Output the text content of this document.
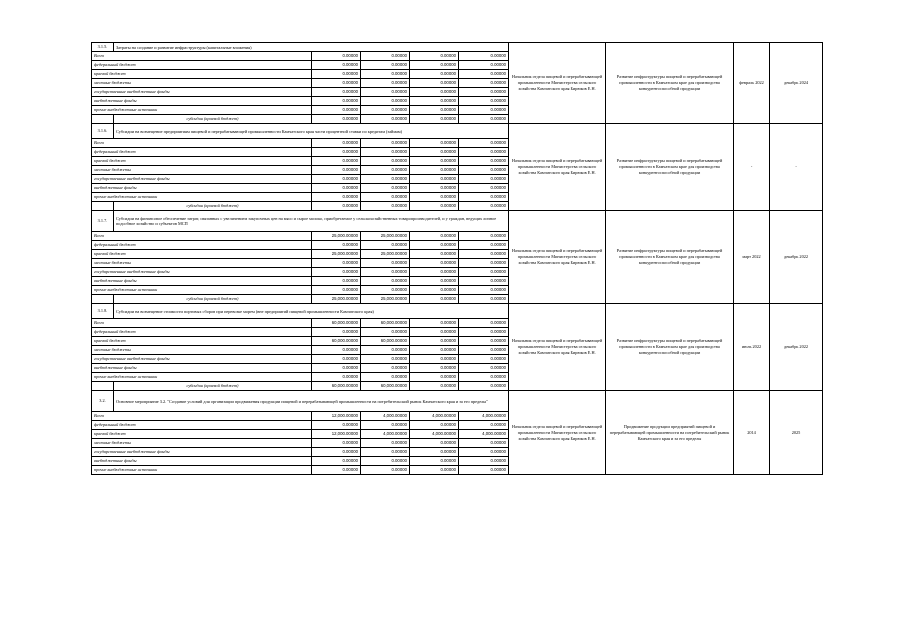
3.1.5.	Затраты на создание и развитие инфраструктуры (капитальные вложения)					Начальник отдела пищевой и перерабатывающей промышленности Министерства сельского хозяйства Камчатского края Бирюков Е.Н.	Развитие инфраструктуры пищевой и перерабатывающей промышленности в Камчатском крае для производства конкурентоспособной продукции	февраль 2022	декабрь 2024
Всего		0.00000	0.00000	0.00000	0.00000				
федеральный бюджет		0.00000	0.00000	0.00000	0.00000				
краевой бюджет		0.00000	0.00000	0.00000	0.00000				
местные бюджеты		0.00000	0.00000	0.00000	0.00000				
государственные внебюджетные фонды		0.00000	0.00000	0.00000	0.00000				
внебюджетные фонды		0.00000	0.00000	0.00000	0.00000				
прочие внебюджетные источники		0.00000	0.00000	0.00000	0.00000				
	субсидии (краевой бюджет)	0.00000	0.00000	0.00000	0.00000				
3.1.6.	Субсидии на возмещение предприятиям пищевой и перерабатывающей промышленности Камчатского края части процентной ставки по кредитам (займам)					Начальник отдела пищевой и перерабатывающей промышленности Министерства сельского хозяйства Камчатского края Бирюков Е.Н.	Развитие инфраструктуры пищевой и перерабатывающей промышленности в Камчатском крае для производства конкурентоспособной продукции	-	-
Всего		0.00000	0.00000	0.00000	0.00000				
федеральный бюджет		0.00000	0.00000	0.00000	0.00000				
краевой бюджет		0.00000	0.00000	0.00000	0.00000				
местные бюджеты		0.00000	0.00000	0.00000	0.00000				
государственные внебюджетные фонды		0.00000	0.00000	0.00000	0.00000				
внебюджетные фонды		0.00000	0.00000	0.00000	0.00000				
прочие внебюджетные источники		0.00000	0.00000	0.00000	0.00000				
	субсидии (краевой бюджет)	0.00000	0.00000	0.00000	0.00000				
3.1.7.	Субсидии на финансовое обеспечение затрат, связанных с увеличением закупочных цен на мясо и сырое молоко, приобретаемое у сельскохозяйственных товаропроизводителей, и у граждан, ведущих личное подсобное хозяйство и субъектов МСП					Начальник отдела пищевой и перерабатывающей промышленности Министерства сельского хозяйства Камчатского края Бирюков Е.Н.	Развитие инфраструктуры пищевой и перерабатывающей промышленности в Камчатском крае для производства конкурентоспособной продукции	март 2022	декабрь 2022
Всего		25,000.00000	25,000.00000	0.00000	0.00000				
федеральный бюджет		0.00000	0.00000	0.00000	0.00000				
краевой бюджет		25,000.00000	25,000.00000	0.00000	0.00000				
местные бюджеты		0.00000	0.00000	0.00000	0.00000				
государственные внебюджетные фонды		0.00000	0.00000	0.00000	0.00000				
внебюджетные фонды		0.00000	0.00000	0.00000	0.00000				
прочие внебюджетные источники		0.00000	0.00000	0.00000	0.00000				
	субсидии (краевой бюджет)	25,000.00000	25,000.00000	0.00000	0.00000				
3.1.8.	Субсидии на возмещение стоимости портовых сборов при перевозке морем (вне предприятий пищевой промышленности Камчатского края)					Начальник отдела пищевой и перерабатывающей промышленности Министерства сельского хозяйства Камчатского края Бирюков Е.Н.	Развитие инфраструктуры пищевой и перерабатывающей промышленности в Камчатском крае для производства конкурентоспособной продукции	июль 2022	декабрь 2022
Всего		60,000.00000	60,000.00000	0.00000	0.00000				
федеральный бюджет		0.00000	0.00000	0.00000	0.00000				
краевой бюджет		60,000.00000	60,000.00000	0.00000	0.00000				
местные бюджеты		0.00000	0.00000	0.00000	0.00000				
государственные внебюджетные фонды		0.00000	0.00000	0.00000	0.00000				
внебюджетные фонды		0.00000	0.00000	0.00000	0.00000				
прочие внебюджетные источники		0.00000	0.00000	0.00000	0.00000				
	субсидии (краевой бюджет)	60,000.00000	60,000.00000	0.00000	0.00000				
3.2.	Основное мероприятие 3.2. "Создание условий для организации продвижения продукции пищевой и перерабатывающей промышленности на потребительский рынок Камчатского края и за его пределы"					Начальник отдела пищевой и перерабатывающей промышленности Министерства сельского хозяйства Камчатского края Бирюков Е.Н.	Продвижение продукции предприятий пищевой и перерабатывающей промышленности на потребительский рынок Камчатского края и за его пределы	2014	2025
Всего		12,000.00000	4,000.00000	4,000.00000	4,000.00000				
федеральный бюджет		0.00000	0.00000	0.00000	0.00000				
краевой бюджет		12,000.00000	4,000.00000	4,000.00000	4,000.00000				
местные бюджеты		0.00000	0.00000	0.00000	0.00000				
государственные внебюджетные фонды		0.00000	0.00000	0.00000	0.00000				
внебюджетные фонды		0.00000	0.00000	0.00000	0.00000				
прочие внебюджетные источники		0.00000	0.00000	0.00000	0.00000				
